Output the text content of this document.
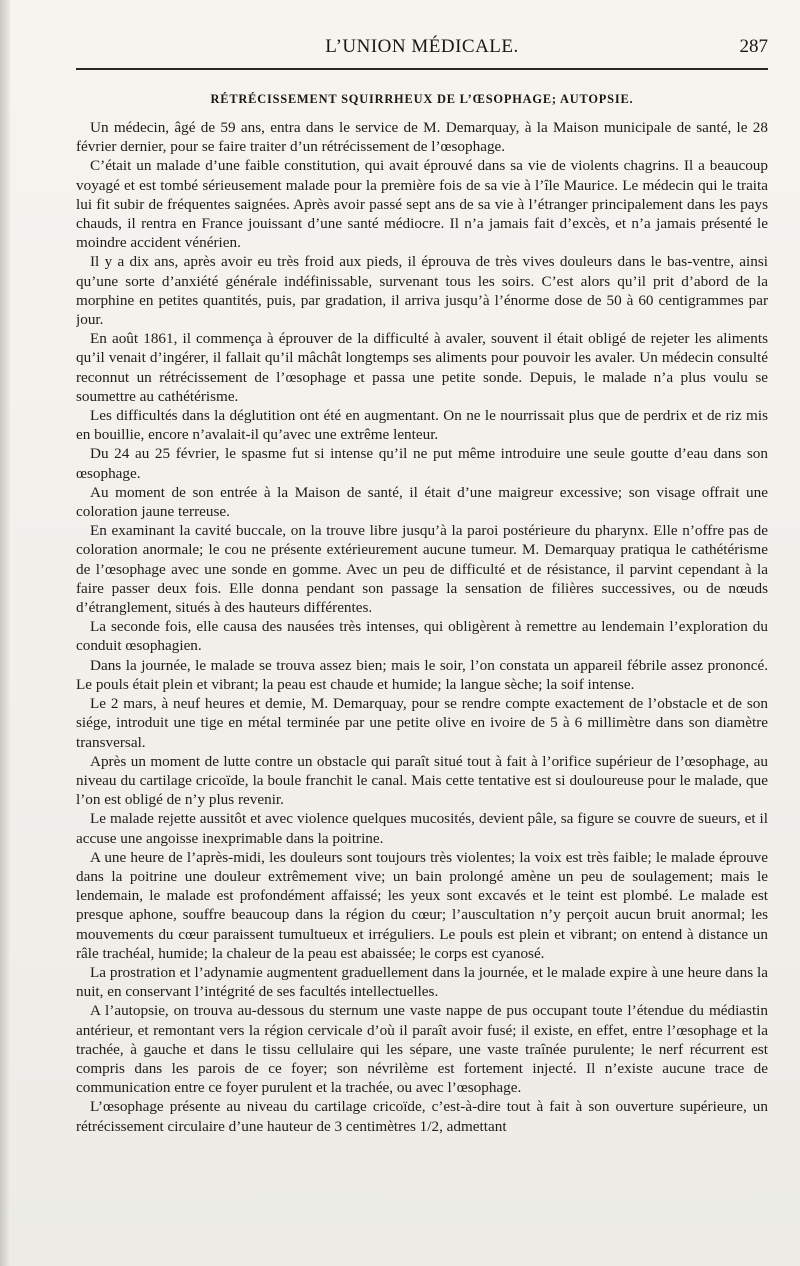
L’UNION MÉDICALE.	287
RÉTRÉCISSEMENT SQUIRRHEUX DE L’ŒSOPHAGE; AUTOPSIE.

Un médecin, âgé de 59 ans, entra dans le service de M. Demarquay, à la Maison municipale de santé, le 28 février dernier, pour se faire traiter d’un rétrécissement de l’œsophage.

C’était un malade d’une faible constitution, qui avait éprouvé dans sa vie de violents chagrins. Il a beaucoup voyagé et est tombé sérieusement malade pour la première fois de sa vie à l’île Maurice. Le médecin qui le traita lui fit subir de fréquentes saignées. Après avoir passé sept ans de sa vie à l’étranger principalement dans les pays chauds, il rentra en France jouissant d’une santé médiocre. Il n’a jamais fait d’excès, et n’a jamais présenté le moindre accident vénérien.

Il y a dix ans, après avoir eu très froid aux pieds, il éprouva de très vives douleurs dans le bas-ventre, ainsi qu’une sorte d’anxiété générale indéfinissable, survenant tous les soirs. C’est alors qu’il prit d’abord de la morphine en petites quantités, puis, par gradation, il arriva jusqu’à l’énorme dose de 50 à 60 centigrammes par jour.

En août 1861, il commença à éprouver de la difficulté à avaler, souvent il était obligé de rejeter les aliments qu’il venait d’ingérer, il fallait qu’il mâchât longtemps ses aliments pour pouvoir les avaler. Un médecin consulté reconnut un rétrécissement de l’œsophage et passa une petite sonde. Depuis, le malade n’a plus voulu se soumettre au cathétérisme.

Les difficultés dans la déglutition ont été en augmentant. On ne le nourrissait plus que de perdrix et de riz mis en bouillie, encore n’avalait-il qu’avec une extrême lenteur.

Du 24 au 25 février, le spasme fut si intense qu’il ne put même introduire une seule goutte d’eau dans son œsophage.

Au moment de son entrée à la Maison de santé, il était d’une maigreur excessive; son visage offrait une coloration jaune terreuse.

En examinant la cavité buccale, on la trouve libre jusqu’à la paroi postérieure du pharynx. Elle n’offre pas de coloration anormale; le cou ne présente extérieurement aucune tumeur. M. Demarquay pratiqua le cathétérisme de l’œsophage avec une sonde en gomme. Avec un peu de difficulté et de résistance, il parvint cependant à la faire passer deux fois. Elle donna pendant son passage la sensation de filières successives, ou de nœuds d’étranglement, situés à des hauteurs différentes.

La seconde fois, elle causa des nausées très intenses, qui obligèrent à remettre au lendemain l’exploration du conduit œsophagien.

Dans la journée, le malade se trouva assez bien; mais le soir, l’on constata un appareil fébrile assez prononcé. Le pouls était plein et vibrant; la peau est chaude et humide; la langue sèche; la soif intense.

Le 2 mars, à neuf heures et demie, M. Demarquay, pour se rendre compte exactement de l’obstacle et de son siége, introduit une tige en métal terminée par une petite olive en ivoire de 5 à 6 millimètre dans son diamètre transversal.

Après un moment de lutte contre un obstacle qui paraît situé tout à fait à l’orifice supérieur de l’œsophage, au niveau du cartilage cricoïde, la boule franchit le canal. Mais cette tentative est si douloureuse pour le malade, que l’on est obligé de n’y plus revenir.

Le malade rejette aussitôt et avec violence quelques mucosités, devient pâle, sa figure se couvre de sueurs, et il accuse une angoisse inexprimable dans la poitrine.

A une heure de l’après-midi, les douleurs sont toujours très violentes; la voix est très faible; le malade éprouve dans la poitrine une douleur extrêmement vive; un bain prolongé amène un peu de soulagement; mais le lendemain, le malade est profondément affaissé; les yeux sont excavés et le teint est plombé. Le malade est presque aphone, souffre beaucoup dans la région du cœur; l’auscultation n’y perçoit aucun bruit anormal; les mouvements du cœur paraissent tumultueux et irréguliers. Le pouls est plein et vibrant; on entend à distance un râle trachéal, humide; la chaleur de la peau est abaissée; le corps est cyanosé.

La prostration et l’adynamie augmentent graduellement dans la journée, et le malade expire à une heure dans la nuit, en conservant l’intégrité de ses facultés intellectuelles.

A l’autopsie, on trouva au-dessous du sternum une vaste nappe de pus occupant toute l’étendue du médiastin antérieur, et remontant vers la région cervicale d’où il paraît avoir fusé; il existe, en effet, entre l’œsophage et la trachée, à gauche et dans le tissu cellulaire qui les sépare, une vaste traînée purulente; le nerf récurrent est compris dans les parois de ce foyer; son névrilème est fortement injecté. Il n’existe aucune trace de communication entre ce foyer purulent et la trachée, ou avec l’œsophage.

L’œsophage présente au niveau du cartilage cricoïde, c’est-à-dire tout à fait à son ouverture supérieure, un rétrécissement circulaire d’une hauteur de 3 centimètres 1/2, admettant
